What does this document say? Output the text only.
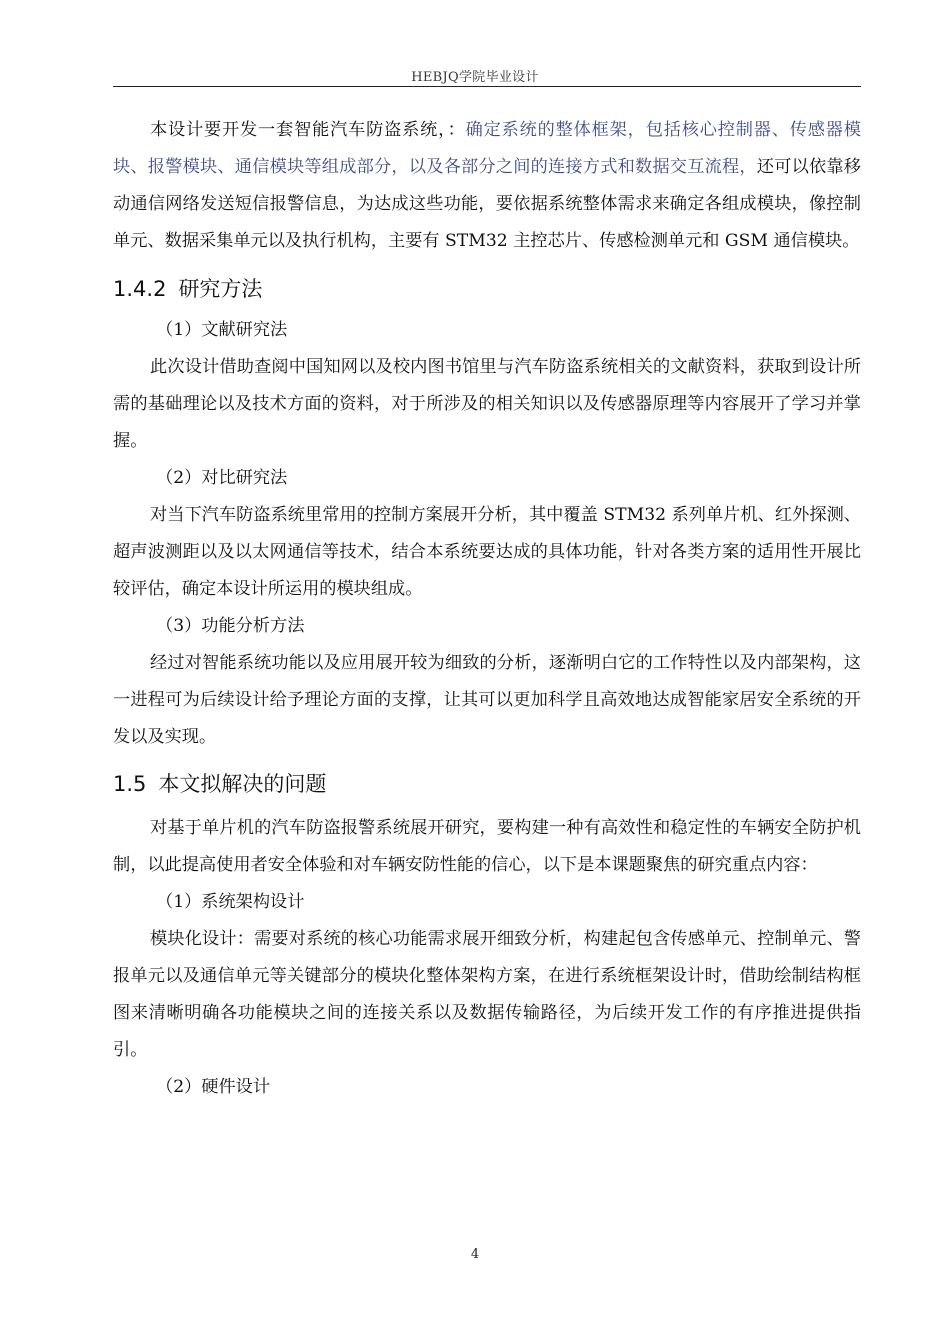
HEBJQ学院毕业设计

本设计要开发一套智能汽车防盗系统，：确定系统的整体框架，包括核心控制器、传感器模块、报警模块、通信模块等组成部分，以及各部分之间的连接方式和数据交互流程，还可以依靠移动通信网络发送短信报警信息，为达成这些功能，要依据系统整体需求来确定各组成模块，像控制单元、数据采集单元以及执行机构，主要有 STM32 主控芯片、传感检测单元和 GSM 通信模块。

1.4.2 研究方法

（1）文献研究法

此次设计借助查阅中国知网以及校内图书馆里与汽车防盗系统相关的文献资料，获取到设计所需的基础理论以及技术方面的资料，对于所涉及的相关知识以及传感器原理等内容展开了学习并掌握。

（2）对比研究法

对当下汽车防盗系统里常用的控制方案展开分析，其中覆盖 STM32 系列单片机、红外探测、超声波测距以及以太网通信等技术，结合本系统要达成的具体功能，针对各类方案的适用性开展比较评估，确定本设计所运用的模块组成。

（3）功能分析方法

经过对智能系统功能以及应用展开较为细致的分析，逐渐明白它的工作特性以及内部架构，这一进程可为后续设计给予理论方面的支撑，让其可以更加科学且高效地达成智能家居安全系统的开发以及实现。

1.5 本文拟解决的问题

对基于单片机的汽车防盗报警系统展开研究，要构建一种有高效性和稳定性的车辆安全防护机制，以此提高使用者安全体验和对车辆安防性能的信心，以下是本课题聚焦的研究重点内容：

（1）系统架构设计

模块化设计：需要对系统的核心功能需求展开细致分析，构建起包含传感单元、控制单元、警报单元以及通信单元等关键部分的模块化整体架构方案，在进行系统框架设计时，借助绘制结构框图来清晰明确各功能模块之间的连接关系以及数据传输路径，为后续开发工作的有序推进提供指引。

（2）硬件设计

4
